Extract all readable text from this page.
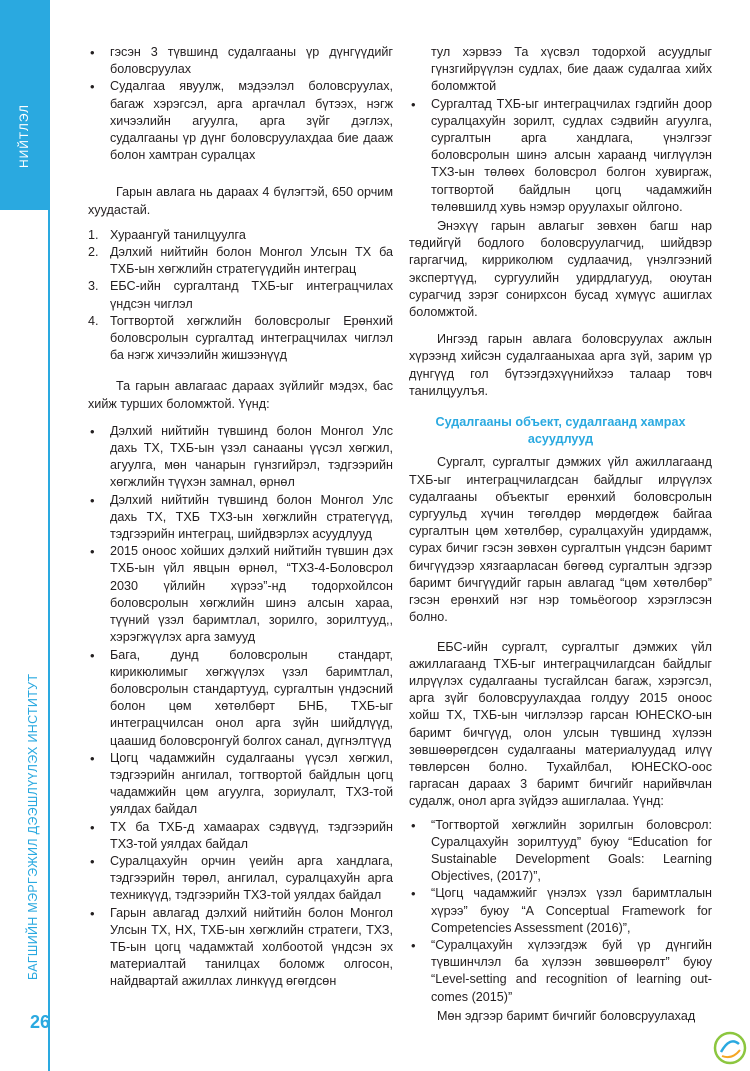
НИЙТЛЭЛ
БАГШИЙН МЭРГЭЖИЛ ДЭЭШЛҮҮЛЭХ ИНСТИТУТ
26
• гэсэн 3 түвшинд судалгааны үр дүнгүүдийг боловсруулах
• Судалгаа явуулж, мэдээлэл боловсруулах, багаж хэрэгсэл, арга аргачлал бүтээх, нэгж хичээлийн агуулга, арга зүйг дэглэх, судалгааны үр дүнг боловсруулахдаа бие дааж болон хамтран суралцах

Гарын авлага нь дараах 4 бүлэгтэй, 650 орчим хуудастай.

1. Хураангуй танилцуулга
2. Дэлхий нийтийн болон Монгол Улсын ТХ ба ТХБ-ын хөгжлийн стратегүүдийн интеграц
3. ЕБС-ийн сургалтанд ТХБ-ыг интеграцчилах үндсэн чиглэл
4. Тогтвортой хөгжлийн боловсролыг Ерөнхий боловсролын сургалтад интеграцчилах чиглэл ба нэгж хичээлийн жишээнүүд

Та гарын авлагаас дараах зүйлийг мэдэх, бас хийж турших боломжтой. Үүнд:

• Дэлхий нийтийн түвшинд болон Монгол Улс дахь ТХ, ТХБ-ын үзэл санааны үүсэл хөгжил, агуулга, мөн чанарын гүнзгийрэл, тэдгээрийн хөгжлийн түүхэн замнал, өрнөл
• Дэлхий нийтийн түвшинд болон Монгол Улс дахь ТХ, ТХБ ТХЗ-ын хөгжлийн стратегүүд, тэдгээрийн интеграц, шийдвэрлэх асуудлууд
• 2015 оноос хойших дэлхий нийтийн түвшин дэх ТХБ-ын үйл явцын өрнөл, “ТХЗ-4-Боловсрол 2030 үйлийн хүрээ”-нд тодорхойлсон боловсролын хөгжлийн шинэ алсын хараа, түүний үзэл баримтлал, зорилго, зорилтууд,, хэрэгжүүлэх арга замууд
• Бага, дунд боловсролын стандарт, кирикюлимыг хөгжүүлэх үзэл баримтлал, боловсролын стандартууд, сургалтын үндэсний болон цөм хөтөлбөрт БНБ, ТХБ-ыг интеграцчилсан онол арга зүйн шийдлүүд, цаашид боловсронгуй болгох санал, дүгнэлтүүд
• Цогц чадамжийн судалгааны үүсэл хөгжил, тэдгээрийн ангилал, тогтвортой байдлын цогц чадамжийн цөм агуулга, зориулалт, ТХЗ-той уялдах байдал
• ТХ ба ТХБ-д хамаарах сэдвүүд, тэдгээрийн ТХЗ-той уялдах байдал
• Суралцахуйн орчин үеийн арга хандлага, тэдгээрийн төрөл, ангилал, суралцахуйн арга техникүүд, тэдгээрийн ТХЗ-той уялдах байдал
• Гарын авлагад дэлхий нийтийн болон Монгол Улсын ТХ, НХ, ТХБ-ын хөгжлийн стратеги, ТХЗ, ТБ-ын цогц чадамжтай холбоотой үндсэн эх материалтай танилцах боломж олгосон, найдвартай ажиллах линкүүд өгөгдсөн

тул хэрвээ Та хүсвэл тодорхой асуудлыг гүнзгийрүүлэн судлах, бие дааж судалгаа хийх боломжтой

• Сургалтад ТХБ-ыг интеграцчилах гэдгийн доор суралцахуйн зорилт, судлах сэдвийн агуулга, сургалтын арга хандлага, үнэлгээг боловсролын шинэ алсын хараанд чиглүүлэн ТХЗ-ын төлөөх боловсрол болгон хувиргаж, тогтвортой байдлын цогц чадамжийн төлөвшилд хувь нэмэр оруулахыг ойлгоно.

Энэхүү гарын авлагыг зөвхөн багш нар төдийгүй бодлого боловсруулагчид, шийдвэр гаргагчид, кирриколюм судлаачид, үнэлгээний экспертүүд, сургуулийн удирдлагууд, оюутан сурагчид зэрэг сонирхсон бусад хүмүүс ашиглах боломжтой.

Ингээд гарын авлага боловсруулах ажлын хүрээнд хийсэн судалгааныхаа арга зүй, зарим үр дүнгүүд гол бүтээгдэхүүнийхээ талаар товч танилцуулъя.

Судалгааны объект, судалгаанд хамрах асуудлууд

Сургалт, сургалтыг дэмжих үйл ажиллагаанд ТХБ-ыг интеграцчилагдсан байдлыг илрүүлэх судалгааны объектыг ерөнхий боловсролын сургуульд хүчин төгөлдөр мөрдөгдөж байгаа сургалтын цөм хөтөлбөр, суралцахуйн удирдамж, сурах бичиг гэсэн зөвхөн сургалтын үндсэн баримт бичгүүдээр хязгаарласан бөгөөд сургалтын эдгээр баримт бичгүүдийг гарын авлагад “цөм хөтөлбөр” гэсэн ерөнхий нэг нэр томьёогоор хэрэглэсэн болно.

ЕБС-ийн сургалт, сургалтыг дэмжих үйл ажиллагаанд ТХБ-ыг интеграцчилагдсан байдлыг илрүүлэх судалгааны тусгайлсан багаж, хэрэгсэл, арга зүйг боловсруулахдаа голдуу 2015 оноос хойш ТХ, ТХБ-ын чиглэлээр гарсан ЮНЕСКО-ын баримт бичгүүд, олон улсын түвшинд хүлээн зөвшөөрөгдсөн судалгааны материалуудад илүү төвлөрсөн болно. Тухайлбал, ЮНЕСКО-оос гаргасан дараах 3 баримт бичгийг нарийвчлан судалж, онол арга зүйдээ ашиглалаа. Үүнд:

• “Тогтвортой хөгжлийн зорилгын боловсрол: Суралцахуйн зорилтууд” буюу “Education for Sustainable Development Goals: Learning Objectives, (2017)”,
• “Цогц чадамжийг үнэлэх үзэл баримтлалын хүрээ” буюу “A Conceptual Framework for Competencies Assessment (2016)”,
• “Суралцахуйн хүлээгдэж буй үр дүнгийн түвшинчлэл ба хүлээн зөвшөөрөлт” буюу “Level-setting and recognition of learning out-comes (2015)”

Мөн эдгээр баримт бичгийг боловсруулахад
